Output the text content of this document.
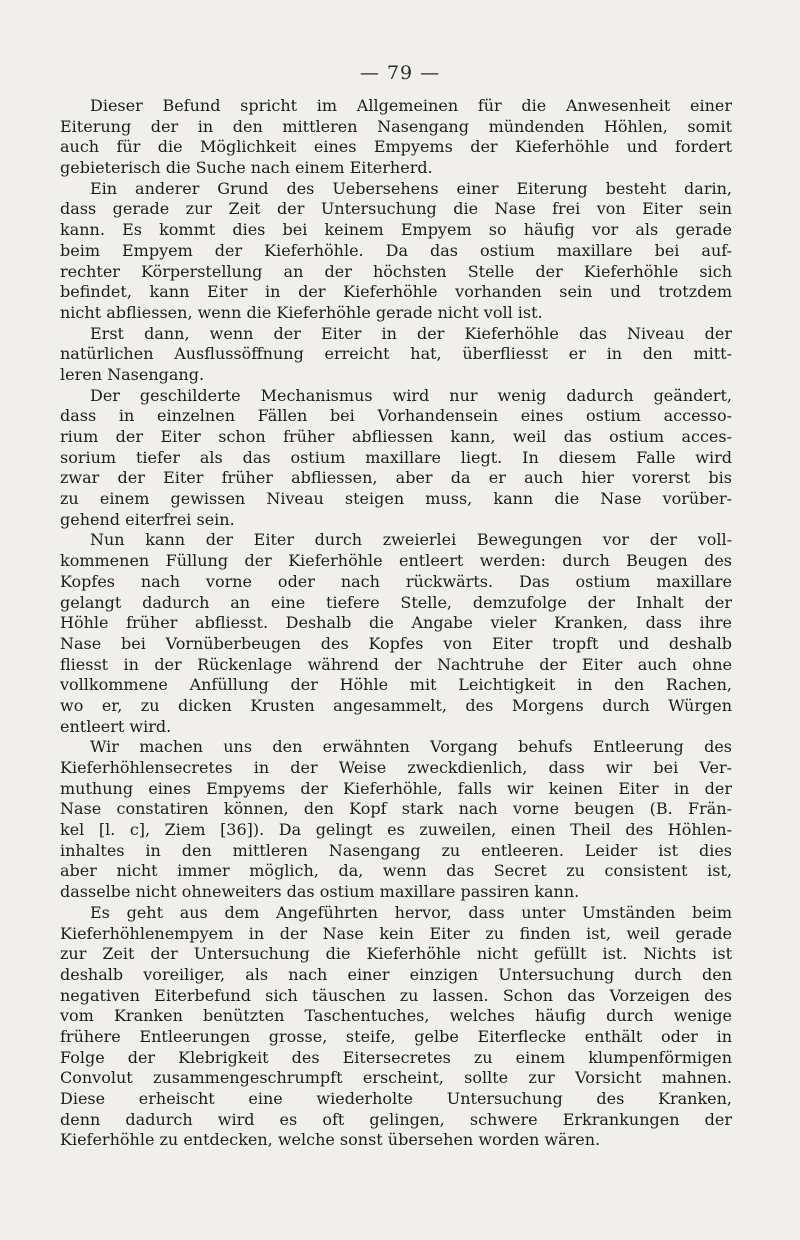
— 79 —
Dieser Befund spricht im Allgemeinen für die Anwesenheit einer
Eiterung der in den mittleren Nasengang mündenden Höhlen, somit
auch für die Möglichkeit eines Empyems der Kieferhöhle und fordert
gebieterisch die Suche nach einem Eiterherd.
Ein anderer Grund des Uebersehens einer Eiterung besteht darin,
dass gerade zur Zeit der Untersuchung die Nase frei von Eiter sein
kann. Es kommt dies bei keinem Empyem so häufig vor als gerade
beim Empyem der Kieferhöhle. Da das ostium maxillare bei auf-
rechter Körperstellung an der höchsten Stelle der Kieferhöhle sich
befindet, kann Eiter in der Kieferhöhle vorhanden sein und trotzdem
nicht abfliessen, wenn die Kieferhöhle gerade nicht voll ist.
Erst dann, wenn der Eiter in der Kieferhöhle das Niveau der
natürlichen Ausflussöffnung erreicht hat, überfliesst er in den mitt-
leren Nasengang.
Der geschilderte Mechanismus wird nur wenig dadurch geändert,
dass in einzelnen Fällen bei Vorhandensein eines ostium accesso-
rium der Eiter schon früher abfliessen kann, weil das ostium acces-
sorium tiefer als das ostium maxillare liegt. In diesem Falle wird
zwar der Eiter früher abfliessen, aber da er auch hier vorerst bis
zu einem gewissen Niveau steigen muss, kann die Nase vorüber-
gehend eiterfrei sein.
Nun kann der Eiter durch zweierlei Bewegungen vor der voll-
kommenen Füllung der Kieferhöhle entleert werden: durch Beugen des
Kopfes nach vorne oder nach rückwärts. Das ostium maxillare
gelangt dadurch an eine tiefere Stelle, demzufolge der Inhalt der
Höhle früher abfliesst. Deshalb die Angabe vieler Kranken, dass ihre
Nase bei Vornüberbeugen des Kopfes von Eiter tropft und deshalb
fliesst in der Rückenlage während der Nachtruhe der Eiter auch ohne
vollkommene Anfüllung der Höhle mit Leichtigkeit in den Rachen,
wo er, zu dicken Krusten angesammelt, des Morgens durch Würgen
entleert wird.
Wir machen uns den erwähnten Vorgang behufs Entleerung des
Kieferhöhlensecretes in der Weise zweckdienlich, dass wir bei Ver-
muthung eines Empyems der Kieferhöhle, falls wir keinen Eiter in der
Nase constatiren können, den Kopf stark nach vorne beugen (B. Frän-
kel [l. c], Ziem [36]). Da gelingt es zuweilen, einen Theil des Höhlen-
inhaltes in den mittleren Nasengang zu entleeren. Leider ist dies
aber nicht immer möglich, da, wenn das Secret zu consistent ist,
dasselbe nicht ohneweiters das ostium maxillare passiren kann.
Es geht aus dem Angeführten hervor, dass unter Umständen beim
Kieferhöhlenempyem in der Nase kein Eiter zu finden ist, weil gerade
zur Zeit der Untersuchung die Kieferhöhle nicht gefüllt ist. Nichts ist
deshalb voreiliger, als nach einer einzigen Untersuchung durch den
negativen Eiterbefund sich täuschen zu lassen. Schon das Vorzeigen des
vom Kranken benützten Taschentuches, welches häufig durch wenige
frühere Entleerungen grosse, steife, gelbe Eiterflecke enthält oder in
Folge der Klebrigkeit des Eitersecretes zu einem klumpenförmigen
Convolut zusammengeschrumpft erscheint, sollte zur Vorsicht mahnen.
Diese erheischt eine wiederholte Untersuchung des Kranken,
denn dadurch wird es oft gelingen, schwere Erkrankungen der
Kieferhöhle zu entdecken, welche sonst übersehen worden wären.
